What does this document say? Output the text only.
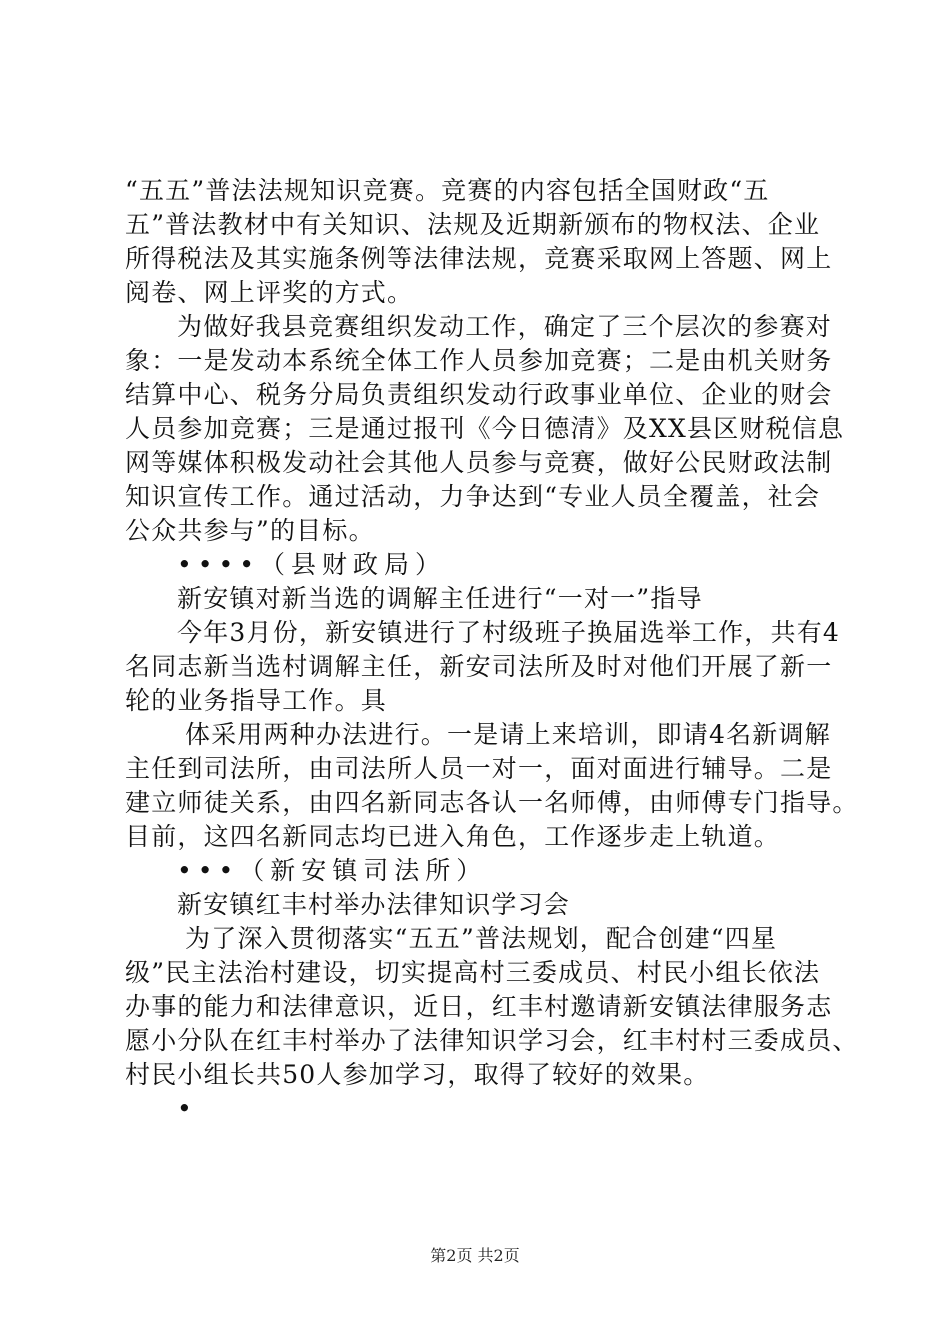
“五五”普法法规知识竞赛。竞赛的内容包括全国财政“五
五”普法教材中有关知识、法规及近期新颁布的物权法、企业
所得税法及其实施条例等法律法规，竞赛采取网上答题、网上
阅卷、网上评奖的方式。
为做好我县竞赛组织发动工作，确定了三个层次的参赛对
象：一是发动本系统全体工作人员参加竞赛；二是由机关财务
结算中心、税务分局负责组织发动行政事业单位、企业的财会
人员参加竞赛；三是通过报刊《今日德清》及XX县区财税信息
网等媒体积极发动社会其他人员参与竞赛，做好公民财政法制
知识宣传工作。通过活动，力争达到“专业人员全覆盖，社会
公众共参与”的目标。
••••（县财政局）
新安镇对新当选的调解主任进行“一对一”指导
今年3月份，新安镇进行了村级班子换届选举工作，共有4
名同志新当选村调解主任，新安司法所及时对他们开展了新一
轮的业务指导工作。具
体采用两种办法进行。一是请上来培训，即请4名新调解
主任到司法所，由司法所人员一对一，面对面进行辅导。二是
建立师徒关系，由四名新同志各认一名师傅，由师傅专门指导。
目前，这四名新同志均已进入角色，工作逐步走上轨道。
•••（新安镇司法所）
新安镇红丰村举办法律知识学习会
为了深入贯彻落实“五五”普法规划，配合创建“四星
级”民主法治村建设，切实提高村三委成员、村民小组长依法
办事的能力和法律意识，近日，红丰村邀请新安镇法律服务志
愿小分队在红丰村举办了法律知识学习会，红丰村村三委成员、
村民小组长共50人参加学习，取得了较好的效果。
•
第2页 共2页
